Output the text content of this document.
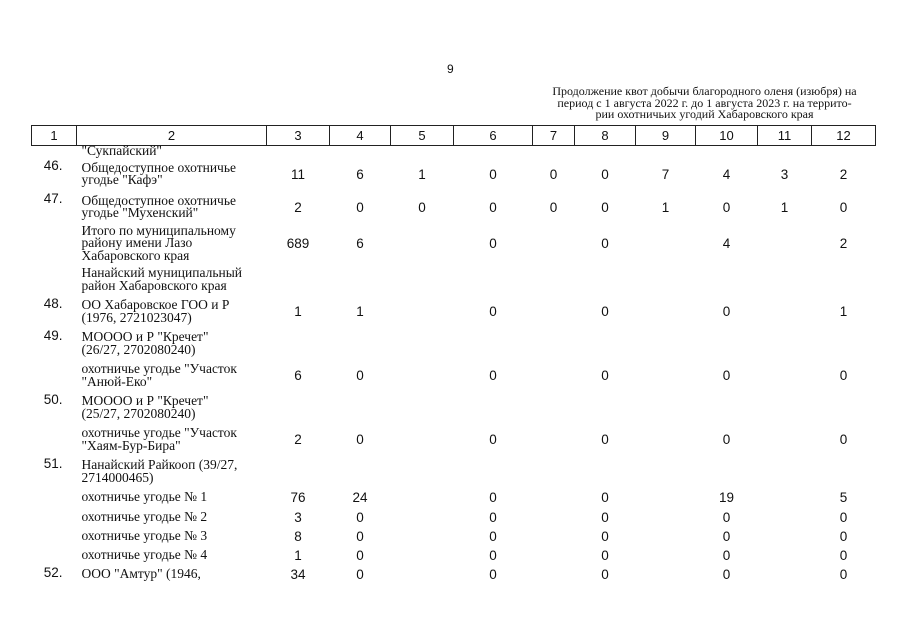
9
Продолжение квот добычи благородного оленя (изюбря) на
период с 1 августа 2022 г. до 1 августа 2023 г. на террито-
рии охотничьих угодий Хабаровского края
1	2	3	4	5	6	7	8	9	10	11	12

	"Сукпайский"										

46.	Общедоступное охотничье
угодье "Кафэ"	11	6	1	0	0	0	7	4	3	2
47.	Общедоступное охотничье
угодье "Мухенский"	2	0	0	0	0	0	1	0	1	0

	Итого по муниципальному
району имени Лазо
Хабаровского края	689	6		0		0		4		2

	Нанайский муниципальный
район Хабаровского края										

48.	ОО Хабаровское ГОО и Р
(1976, 2721023047)	1	1		0		0		0		1
49.	МОООО и Р "Кречет"
(26/27, 2702080240)										

	охотничье угодье "Участок
"Анюй-Еко"	6	0		0		0		0		0
50.	МОООО и Р "Кречет"
(25/27, 2702080240)										

	охотничье угодье "Участок
"Хаям-Бур-Бира"	2	0		0		0		0		0
51.	Нанайский Райкооп (39/27,
2714000465)										

	охотничье угодье № 1	76	24		0		0		19		5

	охотничье угодье № 2	3	0		0		0		0		0

	охотничье угодье № 3	8	0		0		0		0		0

	охотничье угодье № 4	1	0		0		0		0		0
52.	ООО "Амтур" (1946,	34	0		0		0		0		0
